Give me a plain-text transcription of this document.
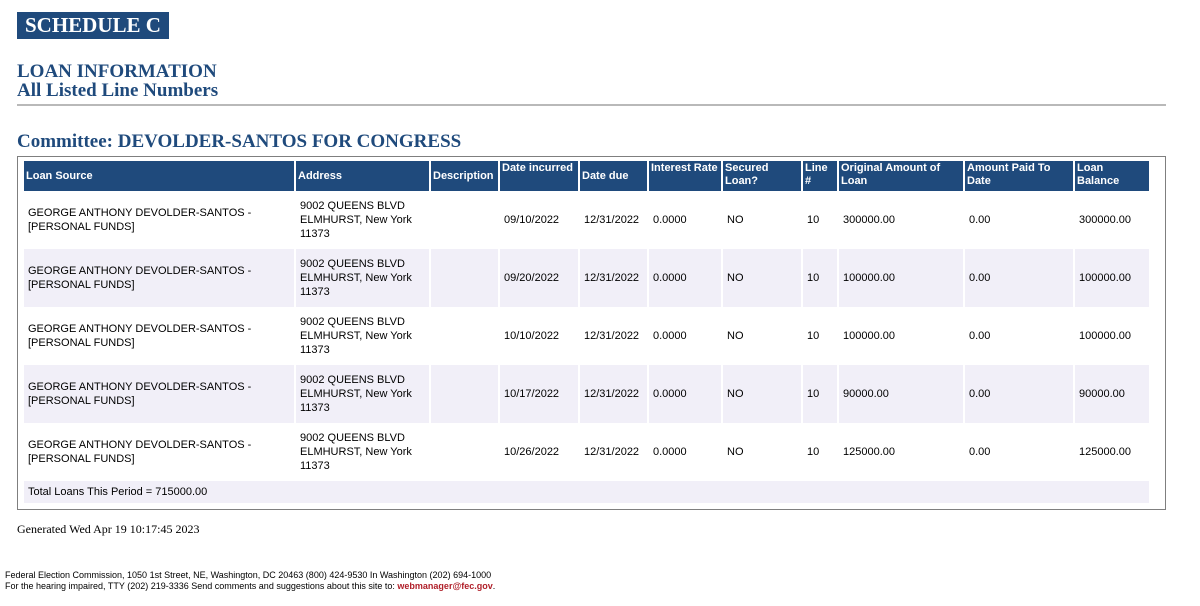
SCHEDULE C
LOAN INFORMATION
All Listed Line Numbers
Committee: DEVOLDER-SANTOS FOR CONGRESS
Loan Source	Address	Description	Date incurred	Date due	Interest Rate	Secured Loan?	Line #	Original Amount of Loan	Amount Paid To Date	Loan Balance
GEORGE ANTHONY DEVOLDER-SANTOS - [PERSONAL FUNDS]	9002 QUEENS BLVD ELMHURST, New York 11373		09/10/2022	12/31/2022	0.0000	NO	10	300000.00	0.00	300000.00
GEORGE ANTHONY DEVOLDER-SANTOS - [PERSONAL FUNDS]	9002 QUEENS BLVD ELMHURST, New York 11373		09/20/2022	12/31/2022	0.0000	NO	10	100000.00	0.00	100000.00
GEORGE ANTHONY DEVOLDER-SANTOS - [PERSONAL FUNDS]	9002 QUEENS BLVD ELMHURST, New York 11373		10/10/2022	12/31/2022	0.0000	NO	10	100000.00	0.00	100000.00
GEORGE ANTHONY DEVOLDER-SANTOS - [PERSONAL FUNDS]	9002 QUEENS BLVD ELMHURST, New York 11373		10/17/2022	12/31/2022	0.0000	NO	10	90000.00	0.00	90000.00
GEORGE ANTHONY DEVOLDER-SANTOS - [PERSONAL FUNDS]	9002 QUEENS BLVD ELMHURST, New York 11373		10/26/2022	12/31/2022	0.0000	NO	10	125000.00	0.00	125000.00
Total Loans This Period = 715000.00										
Generated Wed Apr 19 10:17:45 2023
Federal Election Commission, 1050 1st Street, NE, Washington, DC 20463 (800) 424-9530 In Washington (202) 694-1000
For the hearing impaired, TTY (202) 219-3336 Send comments and suggestions about this site to: webmanager@fec.gov.
